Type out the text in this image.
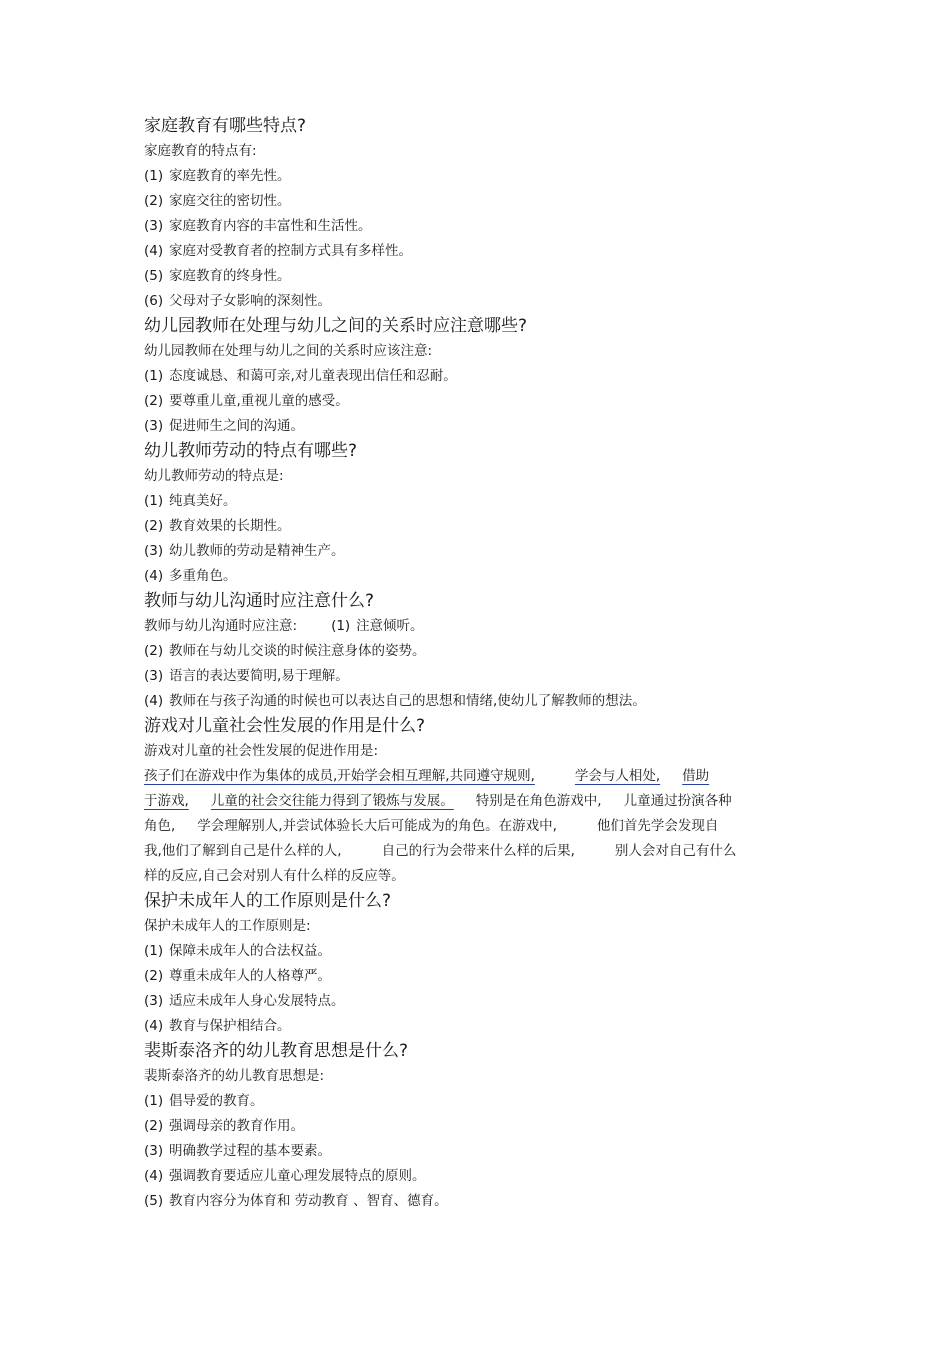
家庭教育有哪些特点?

家庭教育的特点有:

(1) 家庭教育的率先性。

(2) 家庭交往的密切性。

(3) 家庭教育内容的丰富性和生活性。

(4) 家庭对受教育者的控制方式具有多样性。

(5) 家庭教育的终身性。

(6) 父母对子女影响的深刻性。

幼儿园教师在处理与幼儿之间的关系时应注意哪些?

幼儿园教师在处理与幼儿之间的关系时应该注意:

(1) 态度诚恳、和蔼可亲,对儿童表现出信任和忍耐。

(2) 要尊重儿童,重视儿童的感受。

(3) 促进师生之间的沟通。

幼儿教师劳动的特点有哪些?

幼儿教师劳动的特点是:

(1) 纯真美好。

(2) 教育效果的长期性。

(3) 幼儿教师的劳动是精神生产。

(4) 多重角色。

教师与幼儿沟通时应注意什么?

教师与幼儿沟通时应注意:	(1) 注意倾听。

(2) 教师在与幼儿交谈的时候注意身体的姿势。

(3) 语言的表达要简明,易于理解。

(4) 教师在与孩子沟通的时候也可以表达自己的思想和情绪,使幼儿了解教师的想法。

游戏对儿童社会性发展的作用是什么?

游戏对儿童的社会性发展的促进作用是:

孩子们在游戏中作为集体的成员,开始学会相互理解,共同遵守规则,	学会与人相处, 借助
于游戏, 儿童的社会交往能力得到了锻炼与发展。 特别是在角色游戏中, 儿童通过扮演各种
角色, 学会理解别人,并尝试体验长大后可能成为的角色。在游戏中,	他们首先学会发现自
我,他们了解到自己是什么样的人,	自己的行为会带来什么样的后果,	别人会对自己有什么
样的反应,自己会对别人有什么样的反应等。

保护未成年人的工作原则是什么?

保护未成年人的工作原则是:

(1) 保障未成年人的合法权益。

(2) 尊重未成年人的人格尊严。

(3) 适应未成年人身心发展特点。

(4) 教育与保护相结合。

裴斯泰洛齐的幼儿教育思想是什么?

裴斯泰洛齐的幼儿教育思想是:

(1) 倡导爱的教育。

(2) 强调母亲的教育作用。

(3) 明确教学过程的基本要素。

(4) 强调教育要适应儿童心理发展特点的原则。

(5) 教育内容分为体育和 劳动教育 、智育、德育。
